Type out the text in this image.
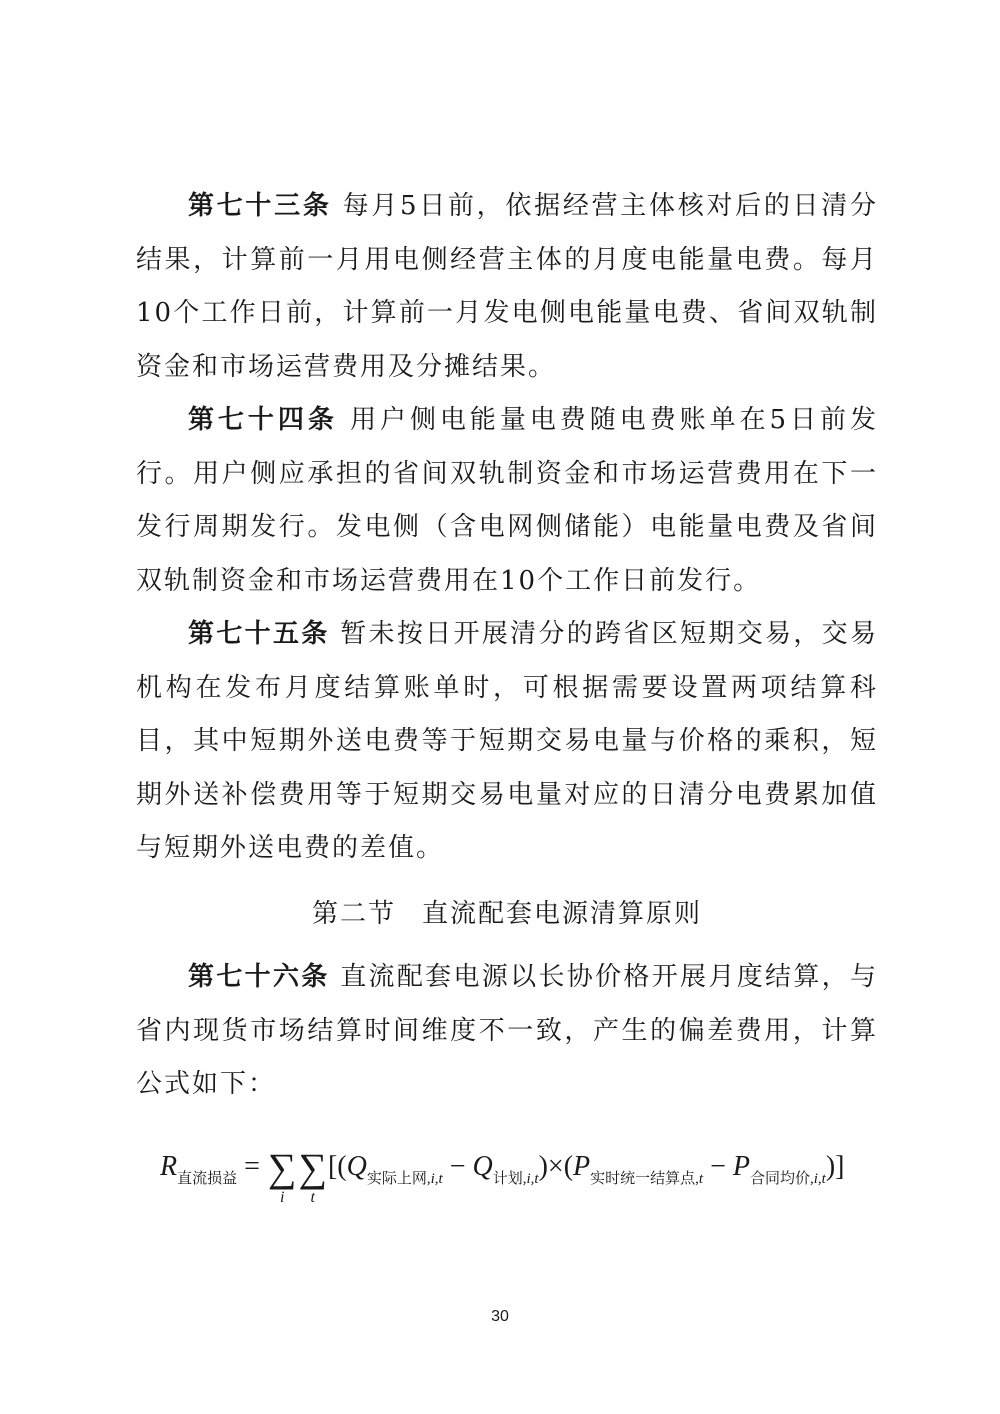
第七十三条 每月5日前，依据经营主体核对后的日清分结果，计算前一月用电侧经营主体的月度电能量电费。每月10个工作日前，计算前一月发电侧电能量电费、省间双轨制资金和市场运营费用及分摊结果。

第七十四条 用户侧电能量电费随电费账单在5日前发行。用户侧应承担的省间双轨制资金和市场运营费用在下一发行周期发行。发电侧（含电网侧储能）电能量电费及省间双轨制资金和市场运营费用在10个工作日前发行。

第七十五条 暂未按日开展清分的跨省区短期交易，交易机构在发布月度结算账单时，可根据需要设置两项结算科目，其中短期外送电费等于短期交易电量与价格的乘积，短期外送补偿费用等于短期交易电量对应的日清分电费累加值与短期外送电费的差值。

第二节 直流配套电源清算原则

第七十六条 直流配套电源以长协价格开展月度结算，与省内现货市场结算时间维度不一致，产生的偏差费用，计算公式如下：

$R_{直流损益}$ = ∑
i
∑
t
$[(Q_{实际上网,i,t} - Q_{计划,i,t})\times(P_{实时统一结算点,t} - P_{合同均价,i,t})]$
30
